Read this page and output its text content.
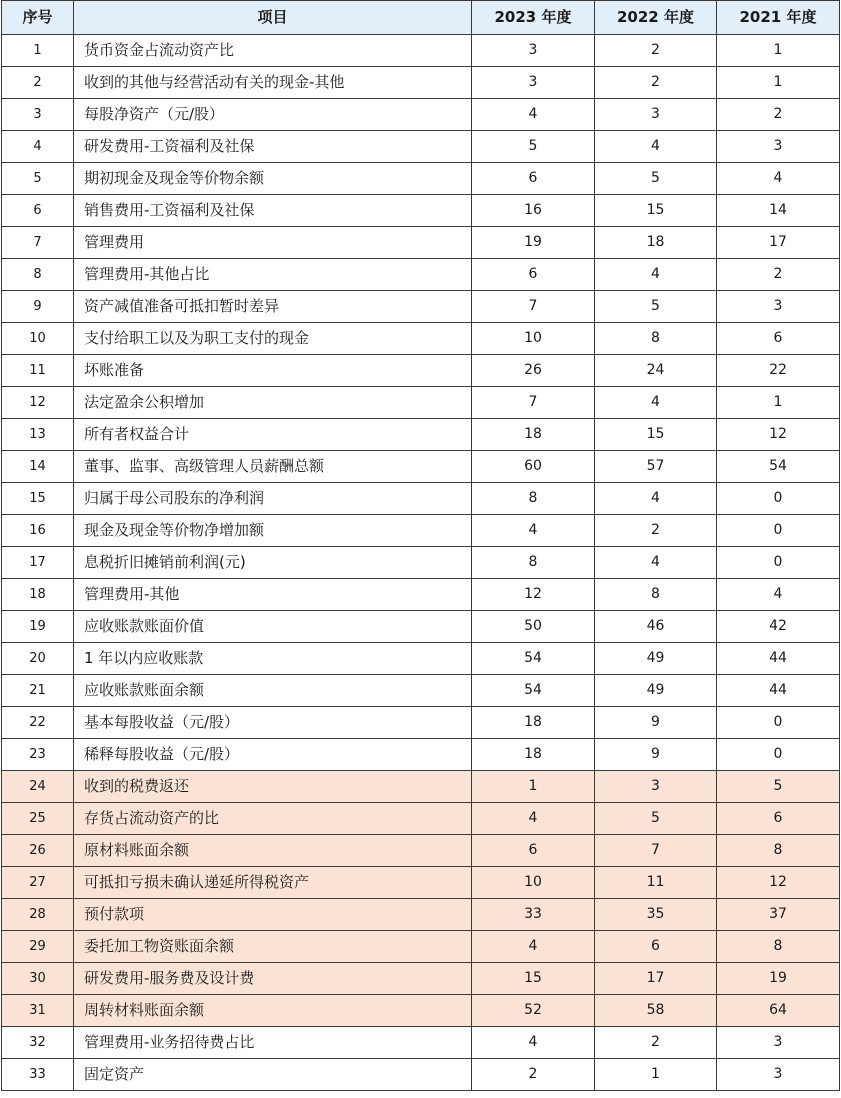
序号	项目	2023 年度	2022 年度	2021 年度
1	货币资金占流动资产比	3	2	1
2	收到的其他与经营活动有关的现金-其他	3	2	1
3	每股净资产（元/股）	4	3	2
4	研发费用-工资福利及社保	5	4	3
5	期初现金及现金等价物余额	6	5	4
6	销售费用-工资福利及社保	16	15	14
7	管理费用	19	18	17
8	管理费用-其他占比	6	4	2
9	资产减值准备可抵扣暂时差异	7	5	3
10	支付给职工以及为职工支付的现金	10	8	6
11	坏账准备	26	24	22
12	法定盈余公积增加	7	4	1
13	所有者权益合计	18	15	12
14	董事、监事、高级管理人员薪酬总额	60	57	54
15	归属于母公司股东的净利润	8	4	0
16	现金及现金等价物净增加额	4	2	0
17	息税折旧摊销前利润(元)	8	4	0
18	管理费用-其他	12	8	4
19	应收账款账面价值	50	46	42
20	1 年以内应收账款	54	49	44
21	应收账款账面余额	54	49	44
22	基本每股收益（元/股）	18	9	0
23	稀释每股收益（元/股）	18	9	0
24	收到的税费返还	1	3	5
25	存货占流动资产的比	4	5	6
26	原材料账面余额	6	7	8
27	可抵扣亏损未确认递延所得税资产	10	11	12
28	预付款项	33	35	37
29	委托加工物资账面余额	4	6	8
30	研发费用-服务费及设计费	15	17	19
31	周转材料账面余额	52	58	64
32	管理费用-业务招待费占比	4	2	3
33	固定资产	2	1	3
